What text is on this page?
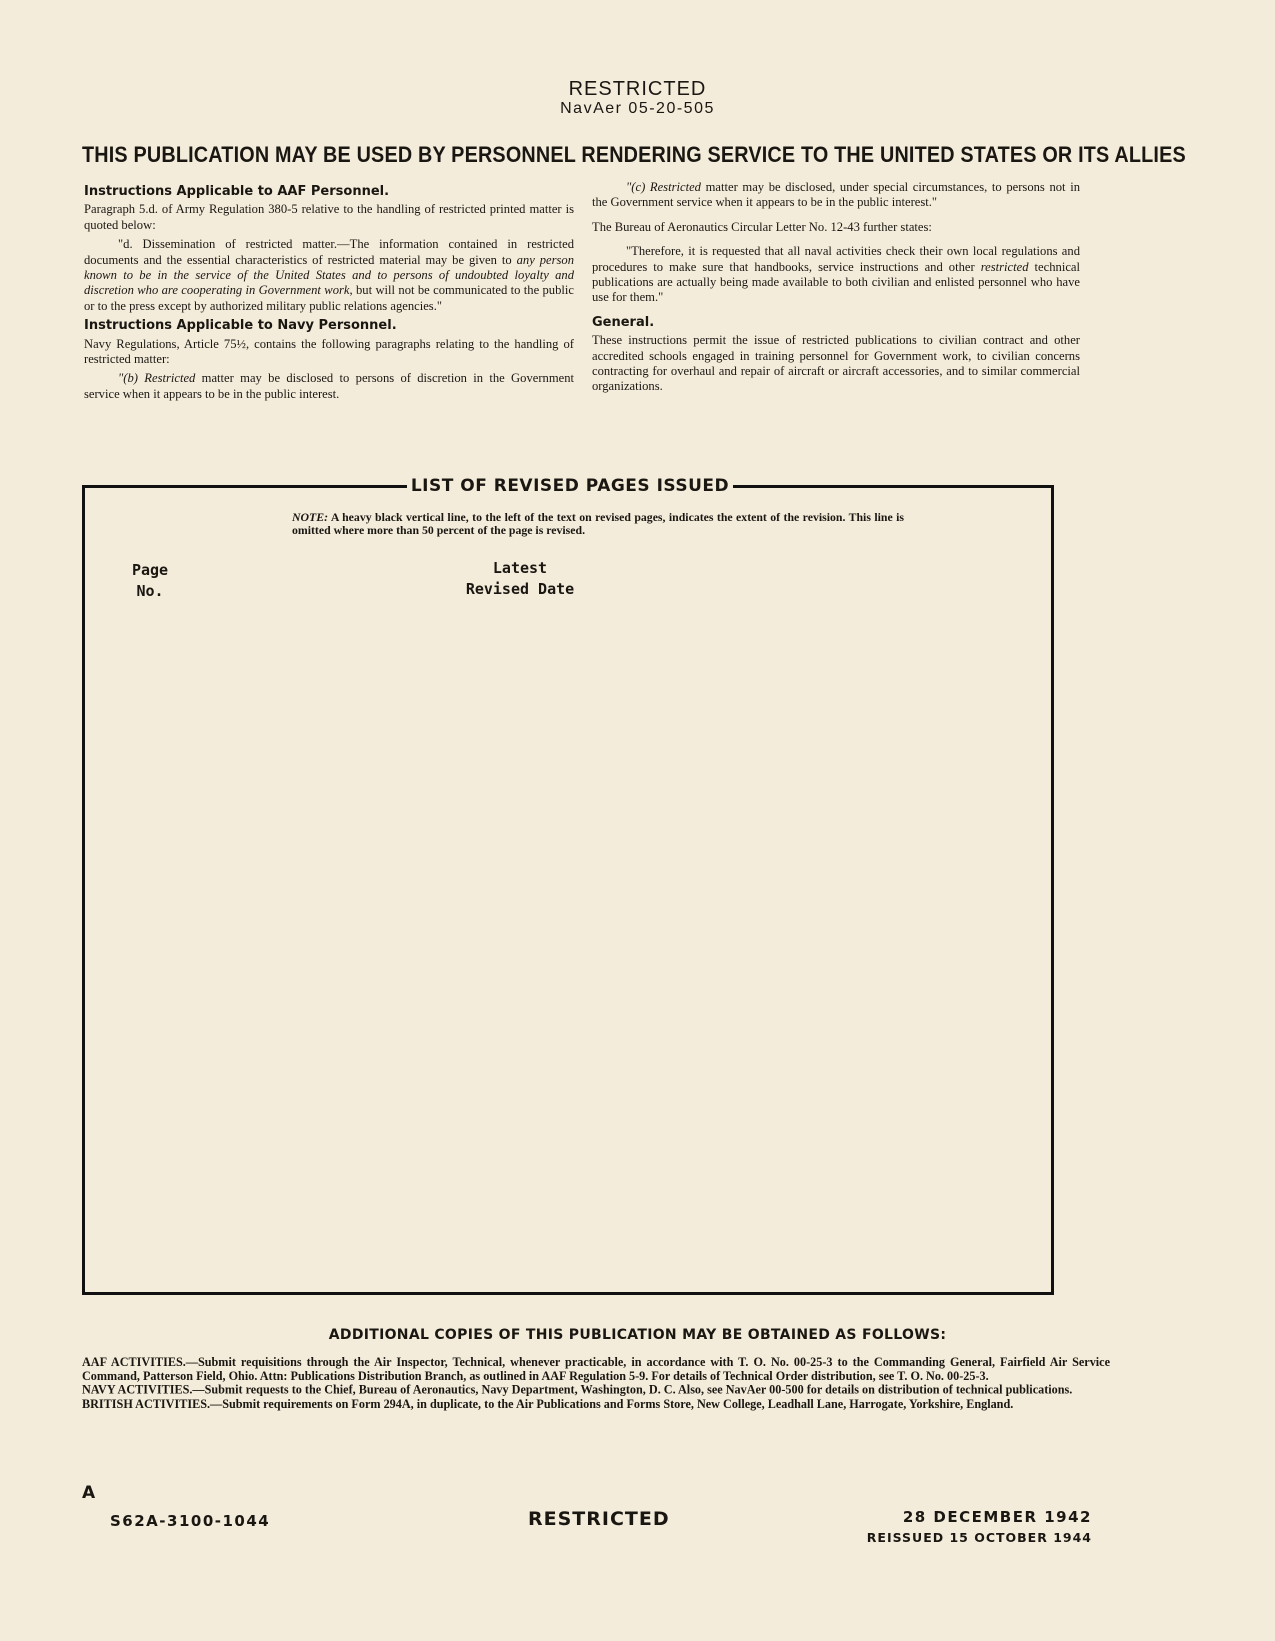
RESTRICTED
NavAer 05-20-505
THIS PUBLICATION MAY BE USED BY PERSONNEL RENDERING SERVICE TO THE UNITED STATES OR ITS ALLIES
Instructions Applicable to AAF Personnel.

Paragraph 5.d. of Army Regulation 380-5 relative to the handling of restricted printed matter is quoted below:

"d. Dissemination of restricted matter.—The information contained in restricted documents and the essential characteristics of restricted material may be given to any person known to be in the service of the United States and to persons of undoubted loyalty and discretion who are cooperating in Government work, but will not be communicated to the public or to the press except by authorized military public relations agencies."

Instructions Applicable to Navy Personnel.

Navy Regulations, Article 75½, contains the following paragraphs relating to the handling of restricted matter:

"(b) Restricted matter may be disclosed to persons of discretion in the Government service when it appears to be in the public interest.

"(c) Restricted matter may be disclosed, under special circumstances, to persons not in the Government service when it appears to be in the public interest."

The Bureau of Aeronautics Circular Letter No. 12-43 further states:

"Therefore, it is requested that all naval activities check their own local regulations and procedures to make sure that handbooks, service instructions and other restricted technical publications are actually being made available to both civilian and enlisted personnel who have use for them."

General.

These instructions permit the issue of restricted publications to civilian contract and other accredited schools engaged in training personnel for Government work, to civilian concerns contracting for overhaul and repair of aircraft or aircraft accessories, and to similar commercial organizations.

LIST OF REVISED PAGES ISSUED
NOTE: A heavy black vertical line, to the left of the text on revised pages, indicates the extent of the revision. This line is omitted where more than 50 percent of the page is revised.
Page
No.
Latest
Revised Date
ADDITIONAL COPIES OF THIS PUBLICATION MAY BE OBTAINED AS FOLLOWS:

AAF ACTIVITIES.—Submit requisitions through the Air Inspector, Technical, whenever practicable, in accordance with T. O. No. 00-25-3 to the Commanding General, Fairfield Air Service Command, Patterson Field, Ohio. Attn: Publications Distribution Branch, as outlined in AAF Regulation 5-9. For details of Technical Order distribution, see T. O. No. 00-25-3.

NAVY ACTIVITIES.—Submit requests to the Chief, Bureau of Aeronautics, Navy Department, Washington, D. C. Also, see NavAer 00-500 for details on distribution of technical publications.

BRITISH ACTIVITIES.—Submit requirements on Form 294A, in duplicate, to the Air Publications and Forms Store, New College, Leadhall Lane, Harrogate, Yorkshire, England.

A
S62A-3100-1044	RESTRICTED	28 DECEMBER 1942
REISSUED 15 OCTOBER 1944
